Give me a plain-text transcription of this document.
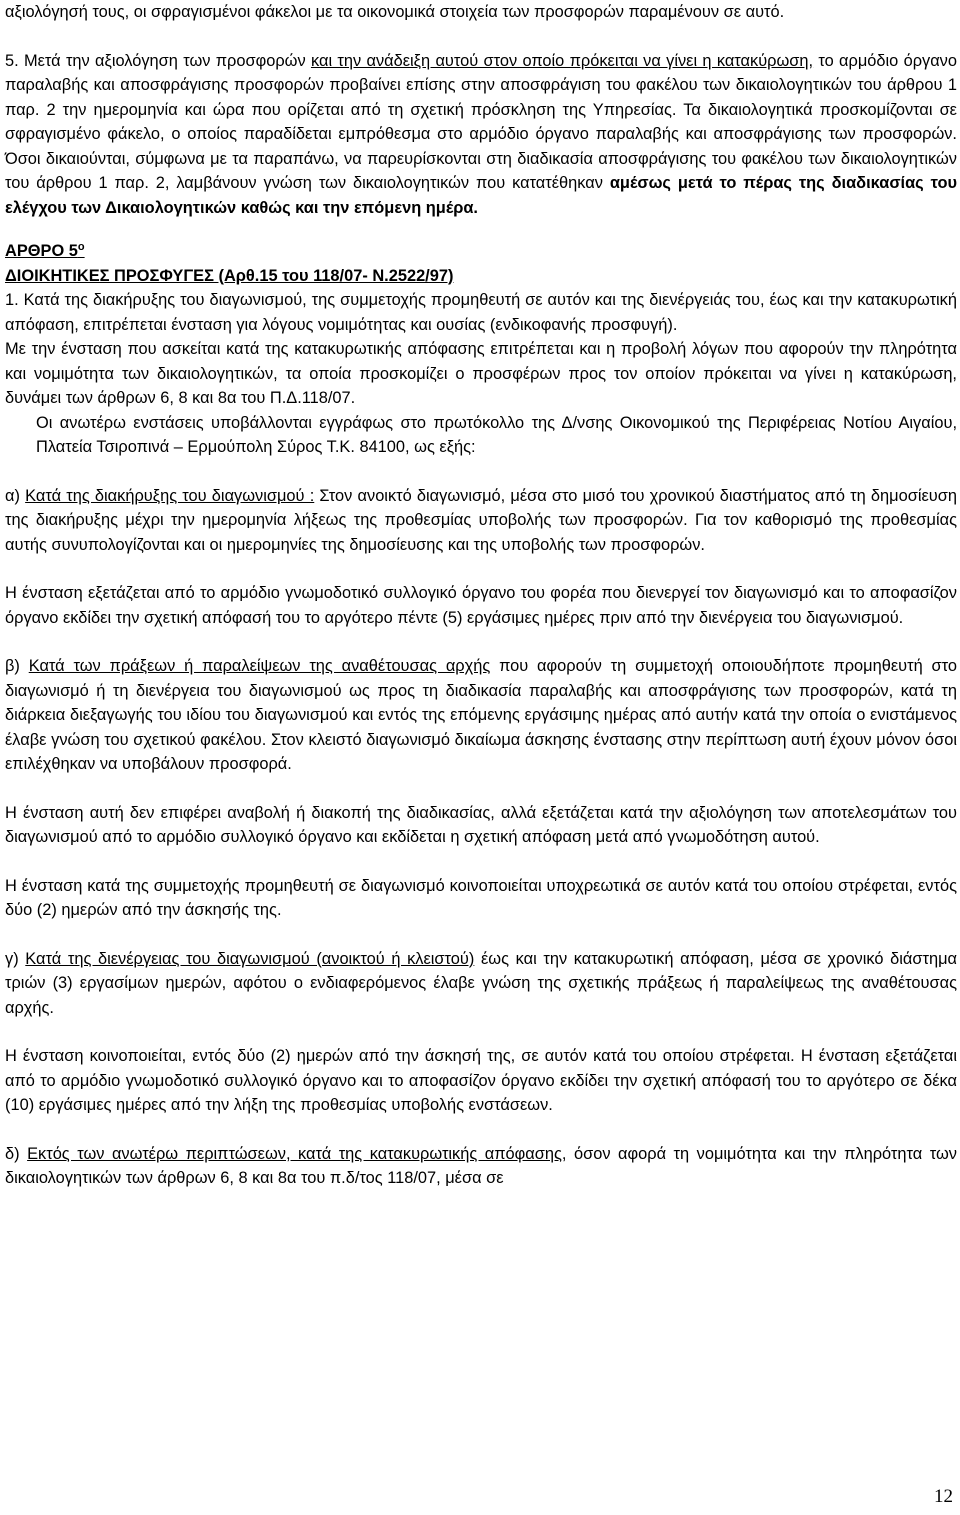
αξιολόγησή τους, οι σφραγισμένοι φάκελοι με τα οικονομικά στοιχεία των προσφορών παραμένουν σε αυτό.

5. Μετά την αξιολόγηση των προσφορών και την ανάδειξη αυτού στον οποίο πρόκειται να γίνει η κατακύρωση, το αρμόδιο όργανο παραλαβής και αποσφράγισης προσφορών προβαίνει επίσης στην αποσφράγιση του φακέλου των δικαιολογητικών του άρθρου 1 παρ. 2 την ημερομηνία και ώρα που ορίζεται από τη σχετική πρόσκληση της Υπηρεσίας. Τα δικαιολογητικά προσκομίζονται σε σφραγισμένο φάκελο, ο οποίος παραδίδεται εμπρόθεσμα στο αρμόδιο όργανο παραλαβής και αποσφράγισης των προσφορών. Όσοι δικαιούνται, σύμφωνα με τα παραπάνω, να παρευρίσκονται στη διαδικασία αποσφράγισης του φακέλου των δικαιολογητικών του άρθρου 1 παρ. 2, λαμβάνουν γνώση των δικαιολογητικών που κατατέθηκαν αμέσως μετά το πέρας της διαδικασίας του ελέγχου των Δικαιολογητικών καθώς και την επόμενη ημέρα.

ΑΡΘΡΟ $5^o$
ΔΙΟΙΚΗΤΙΚΕΣ ΠΡΟΣΦΥΓΕΣ (Αρθ.15 του 118/07- Ν.2522/97)

1. Κατά της διακήρυξης του διαγωνισμού, της συμμετοχής προμηθευτή σε αυτόν και της διενέργειάς του, έως και την κατακυρωτική απόφαση, επιτρέπεται ένσταση για λόγους νομιμότητας και ουσίας (ενδικοφανής προσφυγή).

Με την ένσταση που ασκείται κατά της κατακυρωτικής απόφασης επιτρέπεται και η προβολή λόγων που αφορούν την πληρότητα και νομιμότητα των δικαιολογητικών, τα οποία προσκομίζει ο προσφέρων προς τον οποίον πρόκειται να γίνει η κατακύρωση, δυνάμει των άρθρων 6, 8 και 8α του Π.Δ.118/07.

Οι ανωτέρω ενστάσεις υποβάλλονται εγγράφως στο πρωτόκολλο της Δ/νσης Οικονομικού της Περιφέρειας Νοτίου Αιγαίου, Πλατεία Τσιροπινά – Ερμούπολη Σύρος Τ.Κ. 84100, ως εξής:

α) Κατά της διακήρυξης του διαγωνισμού : Στον ανοικτό διαγωνισμό, μέσα στο μισό του χρονικού διαστήματος από τη δημοσίευση της διακήρυξης μέχρι την ημερομηνία λήξεως της προθεσμίας υποβολής των προσφορών. Για τον καθορισμό της προθεσμίας αυτής συνυπολογίζονται και οι ημερομηνίες της δημοσίευσης και της υποβολής των προσφορών.

Η ένσταση εξετάζεται από το αρμόδιο γνωμοδοτικό συλλογικό όργανο του φορέα που διενεργεί τον διαγωνισμό και το αποφασίζον όργανο εκδίδει την σχετική απόφασή του το αργότερο πέντε (5) εργάσιμες ημέρες πριν από την διενέργεια του διαγωνισμού.

β) Κατά των πράξεων ή παραλείψεων της αναθέτουσας αρχής που αφορούν τη συμμετοχή οποιουδήποτε προμηθευτή στο διαγωνισμό ή τη διενέργεια του διαγωνισμού ως προς τη διαδικασία παραλαβής και αποσφράγισης των προσφορών, κατά τη διάρκεια διεξαγωγής του ιδίου του διαγωνισμού και εντός της επόμενης εργάσιμης ημέρας από αυτήν κατά την οποία ο ενιστάμενος έλαβε γνώση του σχετικού φακέλου. Στον κλειστό διαγωνισμό δικαίωμα άσκησης ένστασης στην περίπτωση αυτή έχουν μόνον όσοι επιλέχθηκαν να υποβάλουν προσφορά.

Η ένσταση αυτή δεν επιφέρει αναβολή ή διακοπή της διαδικασίας, αλλά εξετάζεται κατά την αξιολόγηση των αποτελεσμάτων του διαγωνισμού από το αρμόδιο συλλογικό όργανο και εκδίδεται η σχετική απόφαση μετά από γνωμοδότηση αυτού.

Η ένσταση κατά της συμμετοχής προμηθευτή σε διαγωνισμό κοινοποιείται υποχρεωτικά σε αυτόν κατά του οποίου στρέφεται, εντός δύο (2) ημερών από την άσκησής της.

γ) Κατά της διενέργειας του διαγωνισμού (ανοικτού ή κλειστού) έως και την κατακυρωτική απόφαση, μέσα σε χρονικό διάστημα τριών (3) εργασίμων ημερών, αφότου ο ενδιαφερόμενος έλαβε γνώση της σχετικής πράξεως ή παραλείψεως της αναθέτουσας αρχής.

Η ένσταση κοινοποιείται, εντός δύο (2) ημερών από την άσκησή της, σε αυτόν κατά του οποίου στρέφεται. Η ένσταση εξετάζεται από το αρμόδιο γνωμοδοτικό συλλογικό όργανο και το αποφασίζον όργανο εκδίδει την σχετική απόφασή του το αργότερο σε δέκα (10) εργάσιμες ημέρες από την λήξη της προθεσμίας υποβολής ενστάσεων.

δ) Εκτός των ανωτέρω περιπτώσεων, κατά της κατακυρωτικής απόφασης, όσον αφορά τη νομιμότητα και την πληρότητα των δικαιολογητικών των άρθρων 6, 8 και 8α του π.δ/τος 118/07, μέσα σε

12
